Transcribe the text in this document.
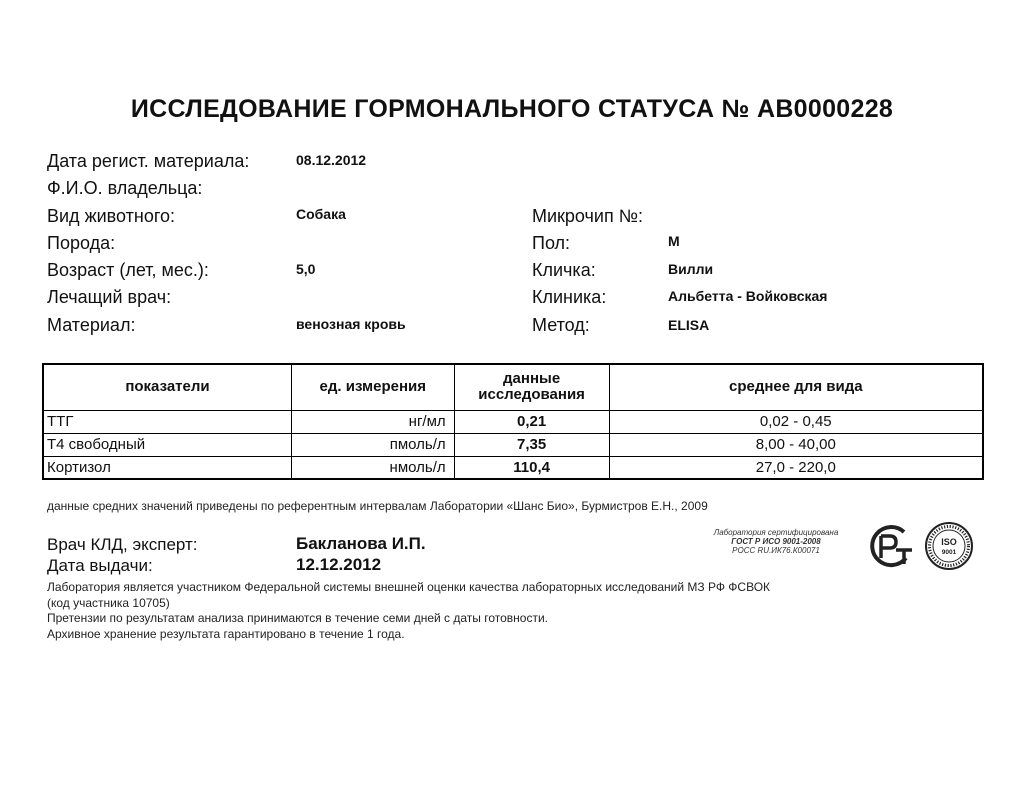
ИССЛЕДОВАНИЕ ГОРМОНАЛЬНОГО СТАТУСА № АВ0000228
Дата регист. материала:	08.12.2012
Ф.И.О. владельца:
Вид животного:	Собака
Порода:
Возраст (лет, мес.):	5,0
Лечащий врач:
Материал:	венозная кровь
Микрочип №:
Пол:	М
Кличка:	Вилли
Клиника:	Альбетта - Войковская
Метод:	ELISA
показатели	ед. измерения	данные исследования	среднее для вида
ТТГ	нг/мл	0,21	0,02 - 0,45
Т4 свободный	пмоль/л	7,35	8,00 - 40,00
Кортизол	нмоль/л	110,4	27,0 - 220,0
данные средних значений приведены по референтным интервалам Лаборатории «Шанс Био», Бурмистров Е.Н., 2009
Врач КЛД, эксперт:	Бакланова И.П.
Дата выдачи:	12.12.2012
Лаборатория является участником Федеральной системы внешней оценки качества лабораторных исследований МЗ РФ ФСВОК
(код участника 10705)
Претензии по результатам анализа принимаются в течение семи дней с даты готовности.
Архивное хранение результата гарантировано в течение 1 года.
Лаборатория сертифицирована
ГОСТ Р ИСО 9001-2008
РОСС RU.ИК76.К00071
ISO
9001
